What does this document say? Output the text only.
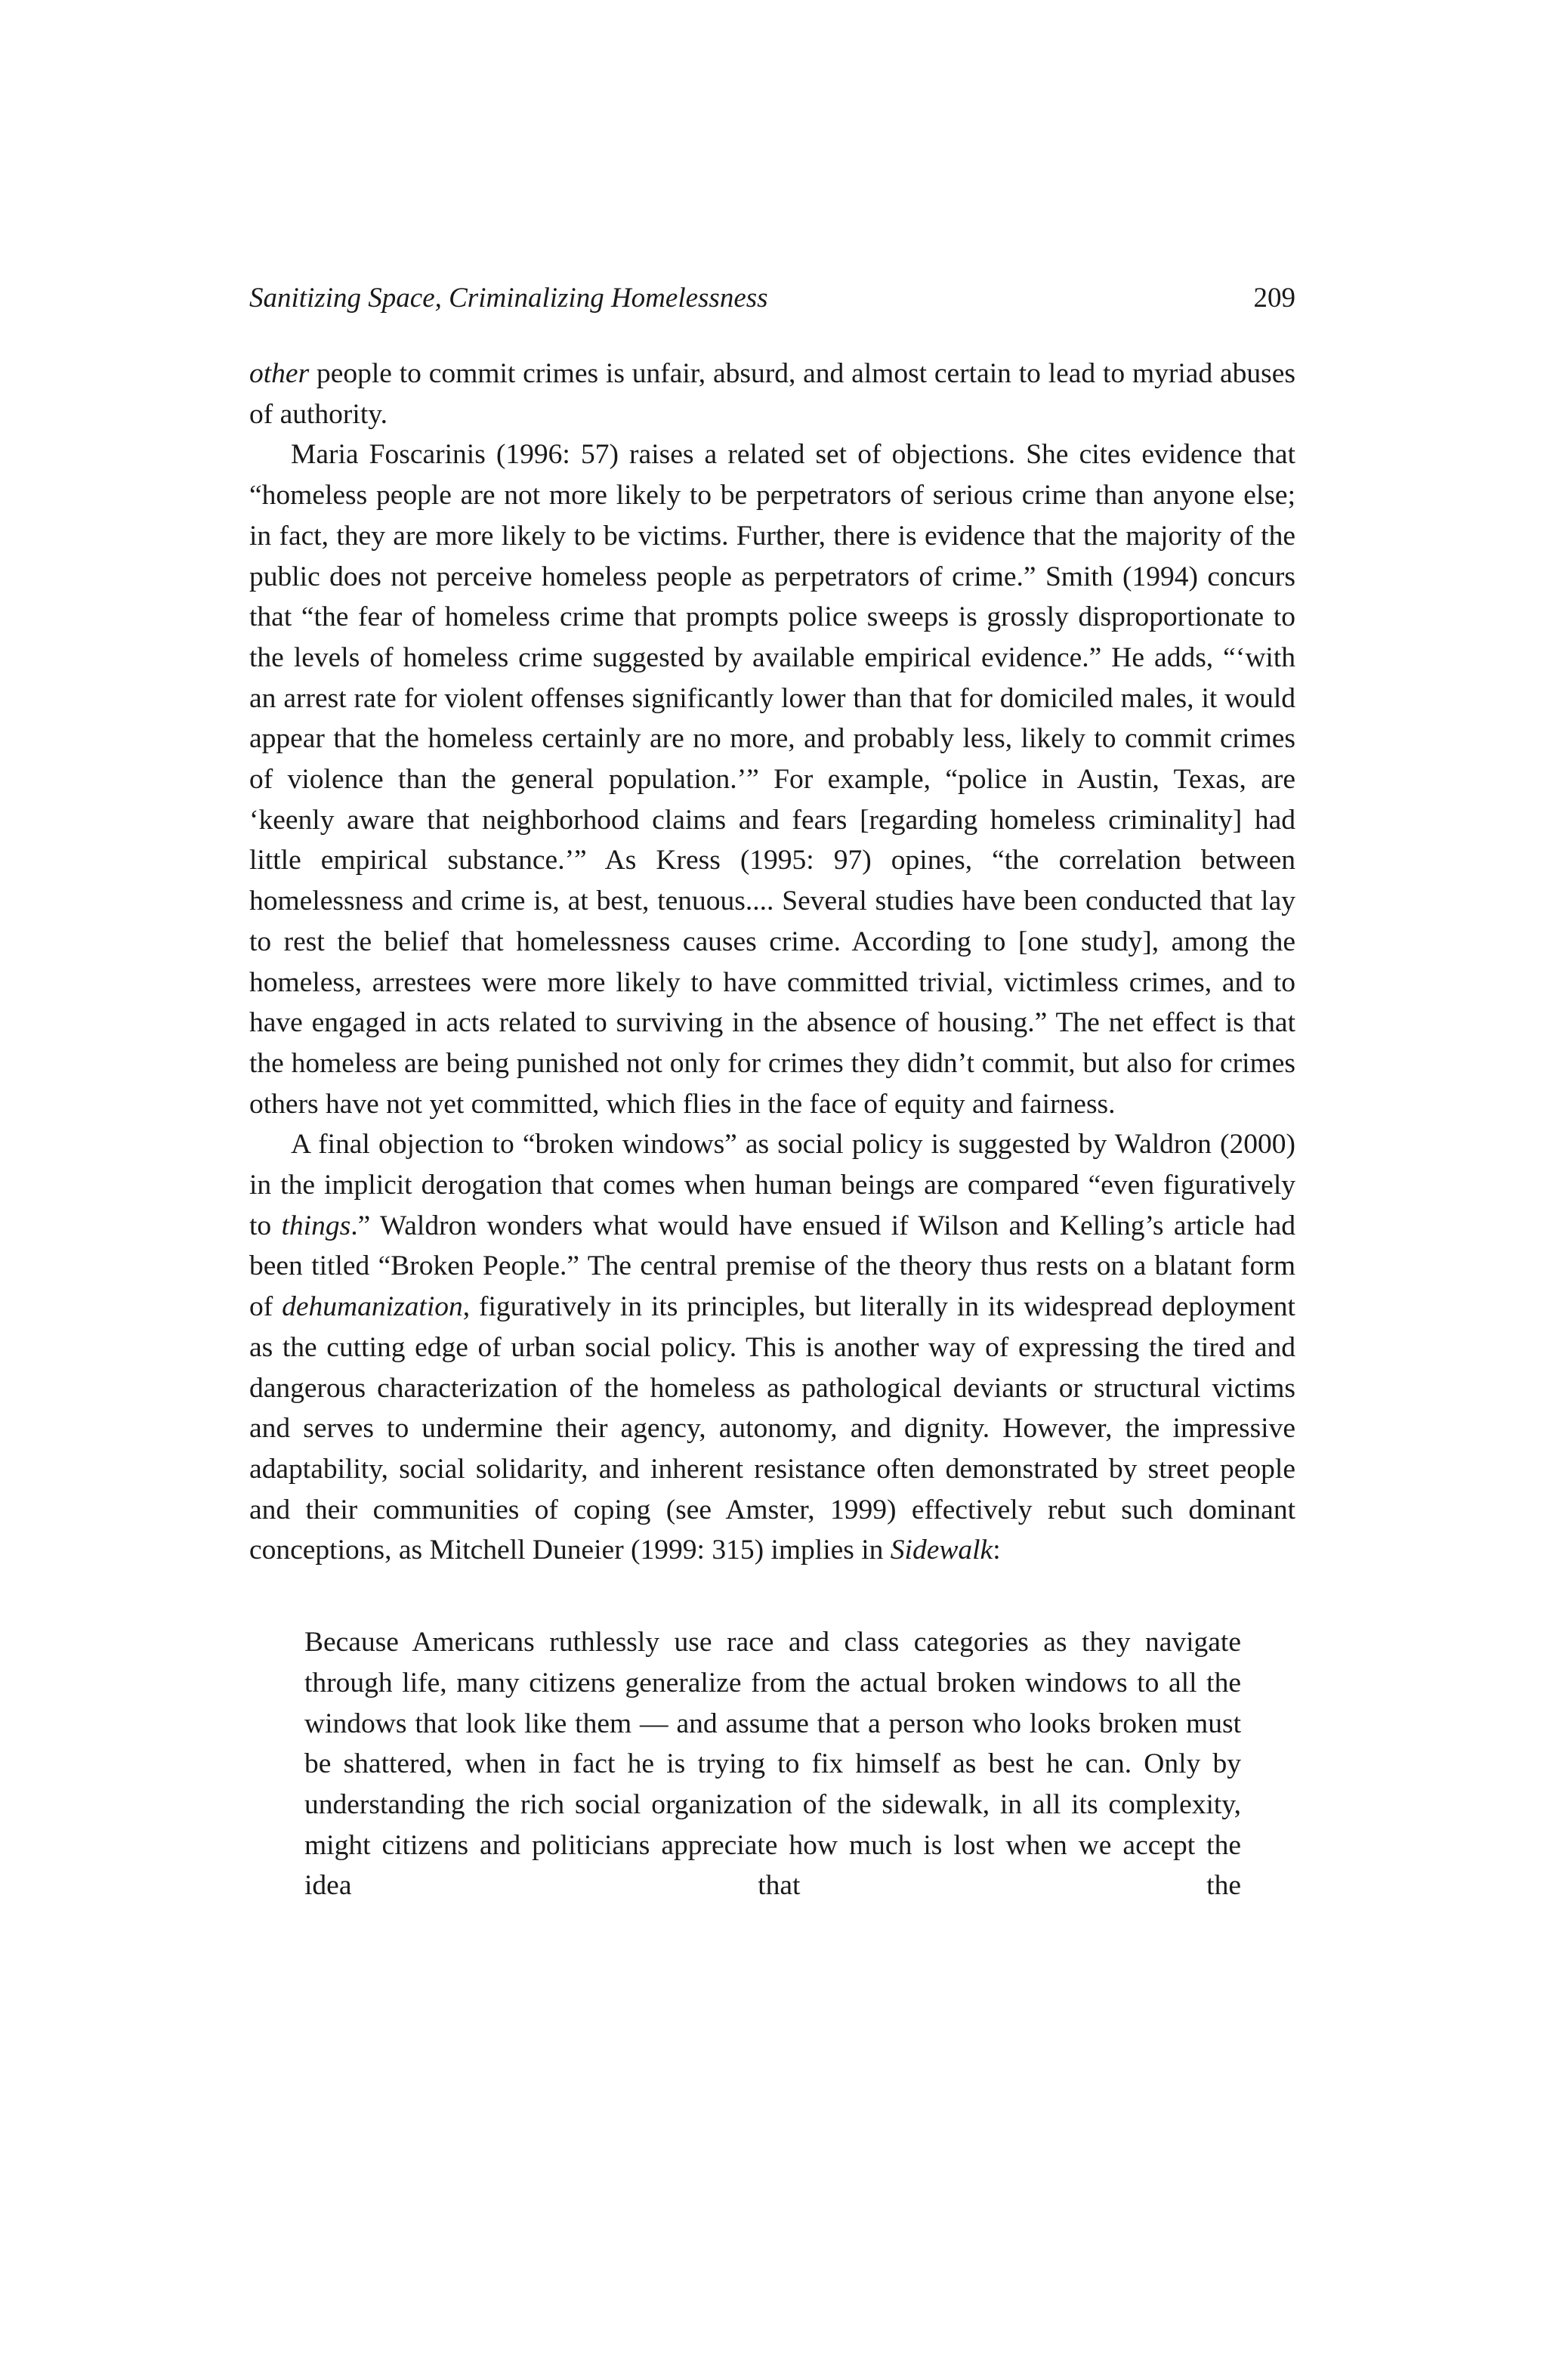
Sanitizing Space, Criminalizing Homelessness	209

other people to commit crimes is unfair, absurd, and almost certain to lead to myriad abuses of authority.

Maria Foscarinis (1996: 57) raises a related set of objections. She cites evidence that “homeless people are not more likely to be perpetrators of serious crime than anyone else; in fact, they are more likely to be victims. Further, there is evidence that the majority of the public does not perceive homeless people as perpetrators of crime.” Smith (1994) concurs that “the fear of homeless crime that prompts police sweeps is grossly disproportionate to the levels of homeless crime suggested by available empirical evidence.” He adds, “‘with an arrest rate for violent offenses significantly lower than that for domiciled males, it would appear that the homeless certainly are no more, and probably less, likely to commit crimes of violence than the general population.’” For example, “police in Austin, Texas, are ‘keenly aware that neighborhood claims and fears [regarding homeless criminality] had little empirical substance.’” As Kress (1995: 97) opines, “the correlation between homelessness and crime is, at best, tenuous.... Several studies have been conducted that lay to rest the belief that homelessness causes crime. According to [one study], among the homeless, arrestees were more likely to have committed trivial, victimless crimes, and to have engaged in acts related to surviving in the absence of housing.” The net effect is that the homeless are being punished not only for crimes they didn’t commit, but also for crimes others have not yet committed, which flies in the face of equity and fairness.

A final objection to “broken windows” as social policy is suggested by Waldron (2000) in the implicit derogation that comes when human beings are compared “even figuratively to things.” Waldron wonders what would have ensued if Wilson and Kelling’s article had been titled “Broken People.” The central premise of the theory thus rests on a blatant form of dehumanization, figuratively in its principles, but literally in its widespread deployment as the cutting edge of urban social policy. This is another way of expressing the tired and dangerous characterization of the homeless as pathological deviants or structural victims and serves to undermine their agency, autonomy, and dignity. However, the impressive adaptability, social solidarity, and inherent resistance often demonstrated by street people and their communities of coping (see Amster, 1999) effectively rebut such dominant conceptions, as Mitchell Duneier (1999: 315) implies in Sidewalk:

Because Americans ruthlessly use race and class categories as they navigate through life, many citizens generalize from the actual broken windows to all the windows that look like them — and assume that a person who looks broken must be shattered, when in fact he is trying to fix himself as best he can. Only by understanding the rich social organization of the sidewalk, in all its complexity, might citizens and politicians appreciate how much is lost when we accept the idea that the
